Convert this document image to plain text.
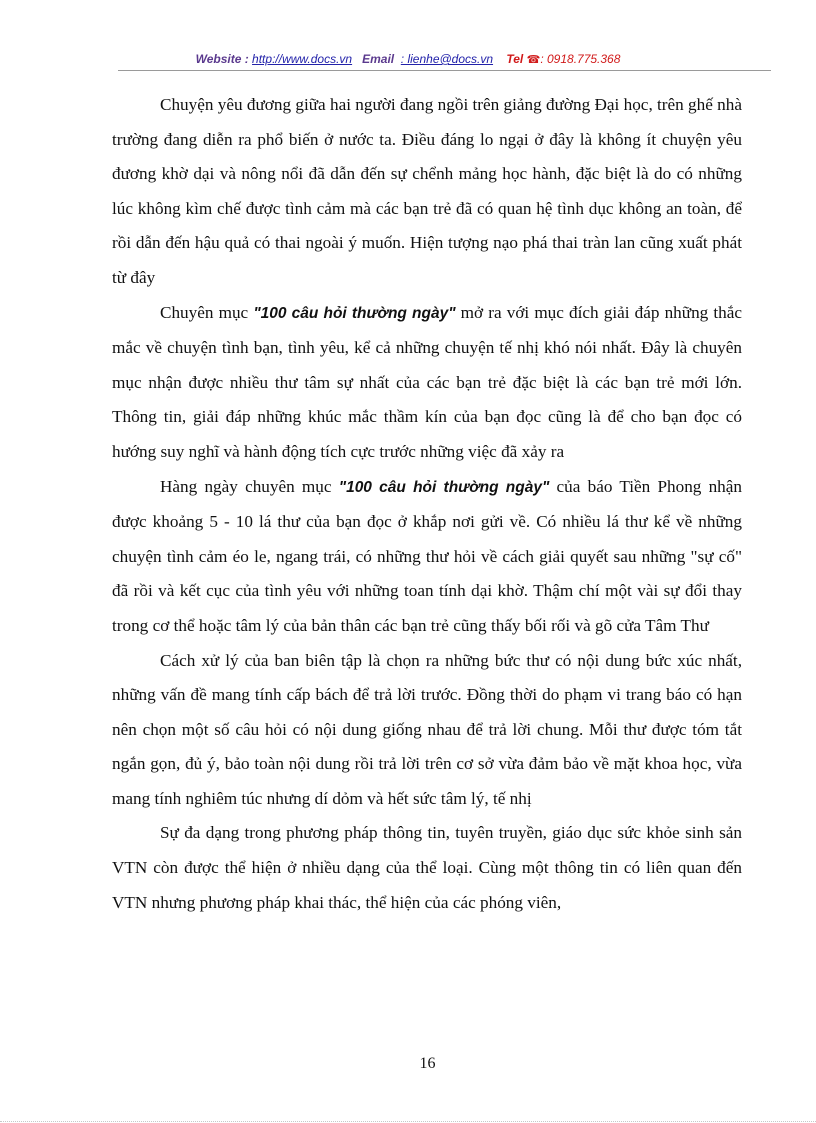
Website : http://www.docs.vn Email : lienhe@docs.vn Tel ☎: 0918.775.368

Chuyện yêu đương giữa hai người đang ngồi trên giảng đường Đại học, trên ghế nhà trường đang diễn ra phổ biến ở nước ta. Điều đáng lo ngại ở đây là không ít chuyện yêu đương khờ dại và nông nổi đã dẫn đến sự chểnh mảng học hành, đặc biệt là do có những lúc không kìm chế được tình cảm mà các bạn trẻ đã có quan hệ tình dục không an toàn, để rồi dẫn đến hậu quả có thai ngoài ý muốn. Hiện tượng nạo phá thai tràn lan cũng xuất phát từ đây

Chuyên mục "100 câu hỏi thường ngày" mở ra với mục đích giải đáp những thắc mắc về chuyện tình bạn, tình yêu, kể cả những chuyện tế nhị khó nói nhất. Đây là chuyên mục nhận được nhiều thư tâm sự nhất của các bạn trẻ đặc biệt là các bạn trẻ mới lớn. Thông tin, giải đáp những khúc mắc thầm kín của bạn đọc cũng là để cho bạn đọc có hướng suy nghĩ và hành động tích cực trước những việc đã xảy ra

Hàng ngày chuyên mục "100 câu hỏi thường ngày" của báo Tiền Phong nhận được khoảng 5 - 10 lá thư của bạn đọc ở khắp nơi gửi về. Có nhiều lá thư kể về những chuyện tình cảm éo le, ngang trái, có những thư hỏi về cách giải quyết sau những "sự cố" đã rồi và kết cục của tình yêu với những toan tính dại khờ. Thậm chí một vài sự đổi thay trong cơ thể hoặc tâm lý của bản thân các bạn trẻ cũng thấy bối rối và gõ cửa Tâm Thư

Cách xử lý của ban biên tập là chọn ra những bức thư có nội dung bức xúc nhất, những vấn đề mang tính cấp bách để trả lời trước. Đồng thời do phạm vi trang báo có hạn nên chọn một số câu hỏi có nội dung giống nhau để trả lời chung. Mỗi thư được tóm tắt ngắn gọn, đủ ý, bảo toàn nội dung rồi trả lời trên cơ sở vừa đảm bảo về mặt khoa học, vừa mang tính nghiêm túc nhưng dí dỏm và hết sức tâm lý, tế nhị

Sự đa dạng trong phương pháp thông tin, tuyên truyền, giáo dục sức khỏe sinh sản VTN còn được thể hiện ở nhiều dạng của thể loại. Cùng một thông tin có liên quan đến VTN nhưng phương pháp khai thác, thể hiện của các phóng viên,

16
